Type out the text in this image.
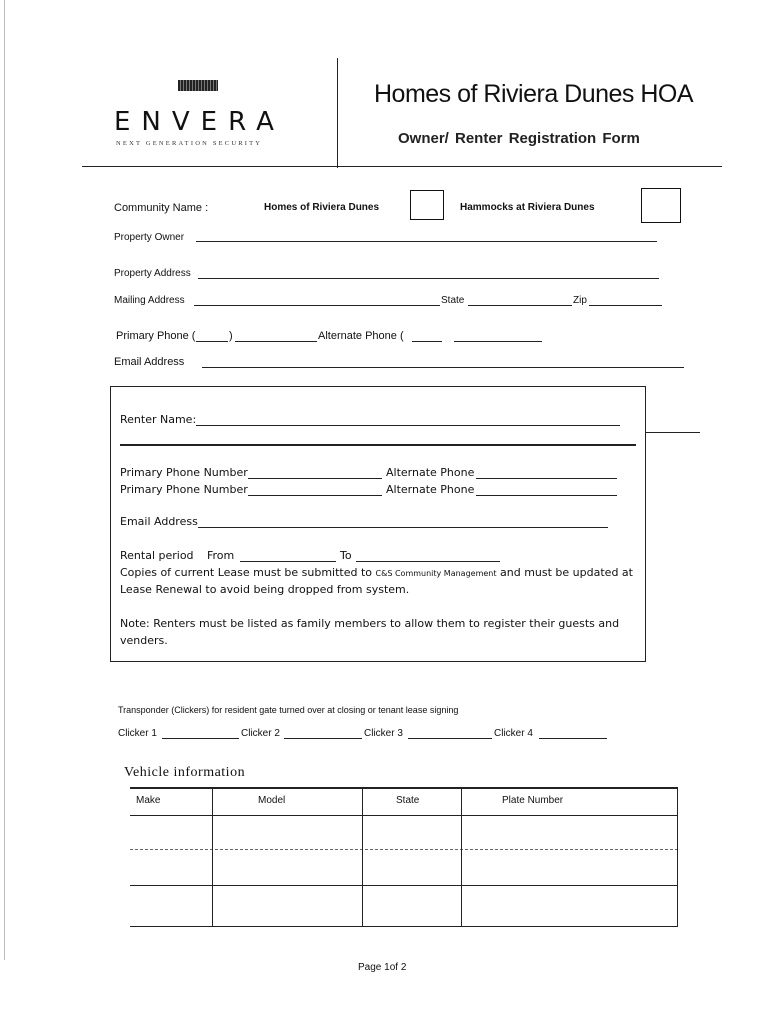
ENVERA
NEXT GENERATION SECURITY
Homes of Riviera Dunes HOA
Owner/ Renter Registration Form
Community Name :	Homes of Riviera Dunes	Hammocks at Riviera Dunes
Property Owner
Property Address
Mailing Address	State	Zip
Primary Phone (	)	Alternate Phone (
Email Address
Renter Name:
Primary Phone Number	Alternate Phone
Primary Phone Number	Alternate Phone
Email Address
Rental period From	To
Copies of current Lease must be submitted to C&S Community Management and must be updated at
Lease Renewal to avoid being dropped from system.
Note: Renters must be listed as family members to allow them to register their guests and
venders.
Transponder (Clickers) for resident gate turned over at closing or tenant lease signing
Clicker 1	Clicker 2	Clicker 3	Clicker 4
Vehicle information
Make	Model	State	Plate Number
Page 1of 2
